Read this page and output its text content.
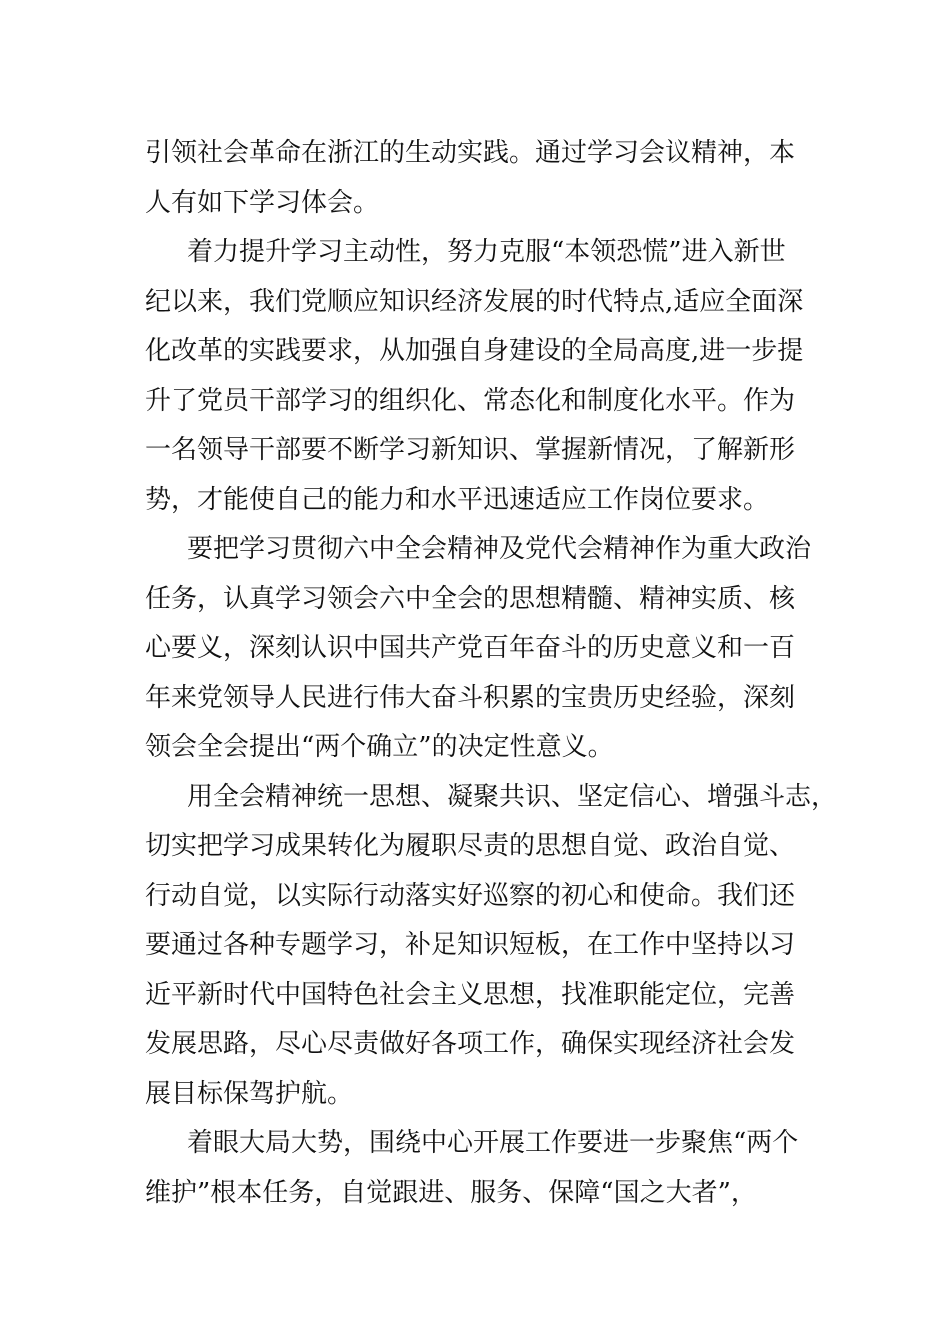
引领社会革命在浙江的生动实践。通过学习会议精神，本
人有如下学习体会。
着力提升学习主动性，努力克服“本领恐慌”进入新世
纪以来，我们党顺应知识经济发展的时代特点,适应全面深
化改革的实践要求，从加强自身建设的全局高度,进一步提
升了党员干部学习的组织化、常态化和制度化水平。作为
一名领导干部要不断学习新知识、掌握新情况，了解新形
势，才能使自己的能力和水平迅速适应工作岗位要求。
要把学习贯彻六中全会精神及党代会精神作为重大政治
任务，认真学习领会六中全会的思想精髓、精神实质、核
心要义，深刻认识中国共产党百年奋斗的历史意义和一百
年来党领导人民进行伟大奋斗积累的宝贵历史经验，深刻
领会全会提出“两个确立”的决定性意义。
用全会精神统一思想、凝聚共识、坚定信心、增强斗志，
切实把学习成果转化为履职尽责的思想自觉、政治自觉、
行动自觉，以实际行动落实好巡察的初心和使命。我们还
要通过各种专题学习，补足知识短板，在工作中坚持以习
近平新时代中国特色社会主义思想，找准职能定位，完善
发展思路，尽心尽责做好各项工作，确保实现经济社会发
展目标保驾护航。
着眼大局大势，围绕中心开展工作要进一步聚焦“两个
维护”根本任务，自觉跟进、服务、保障“国之大者”，
